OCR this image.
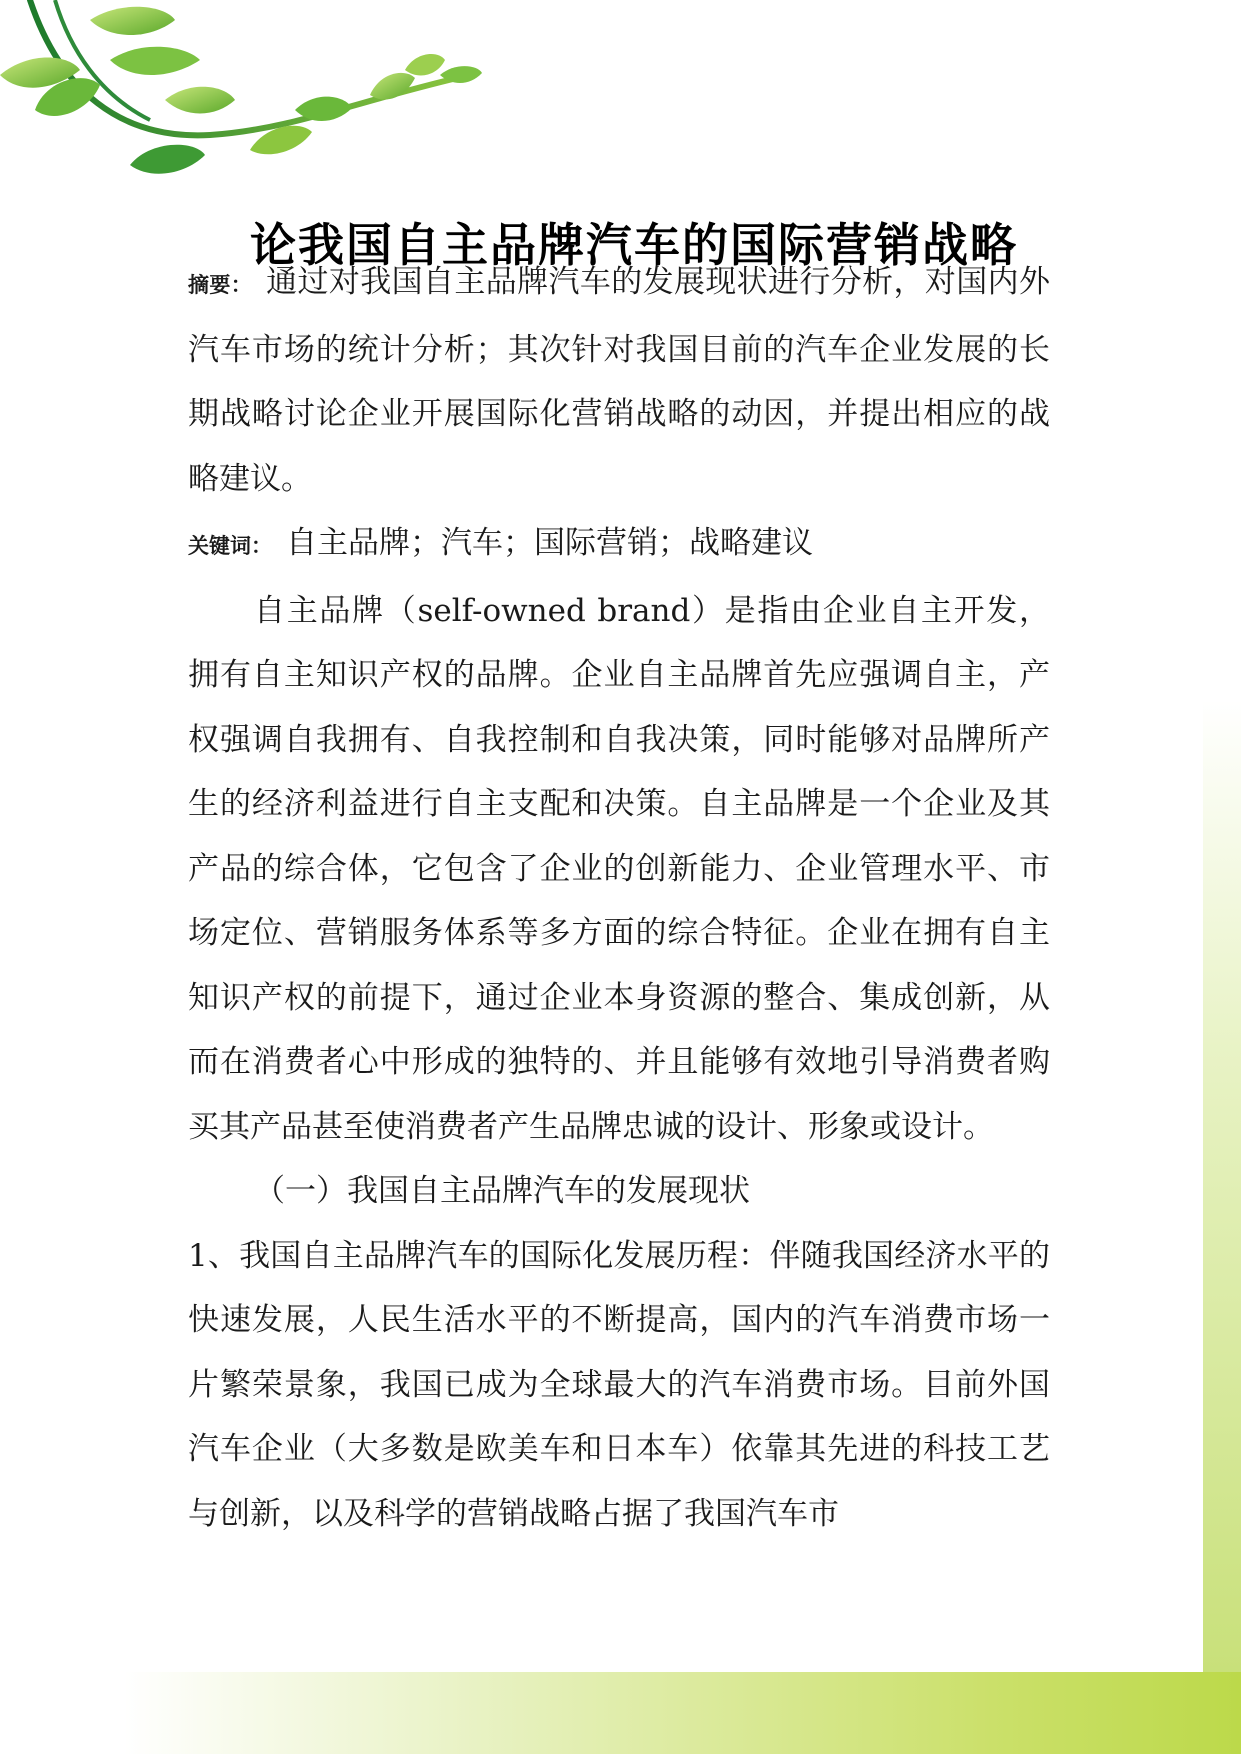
论我国自主品牌汽车的国际营销战略

摘要： 通过对我国自主品牌汽车的发展现状进行分析，对国内外汽车市场的统计分析；其次针对我国目前的汽车企业发展的长期战略讨论企业开展国际化营销战略的动因，并提出相应的战略建议。

关键词： 自主品牌；汽车；国际营销；战略建议

自主品牌（self-owned brand）是指由企业自主开发，拥有自主知识产权的品牌。企业自主品牌首先应强调自主，产权强调自我拥有、自我控制和自我决策，同时能够对品牌所产生的经济利益进行自主支配和决策。自主品牌是一个企业及其产品的综合体，它包含了企业的创新能力、企业管理水平、市场定位、营销服务体系等多方面的综合特征。企业在拥有自主知识产权的前提下，通过企业本身资源的整合、集成创新，从而在消费者心中形成的独特的、并且能够有效地引导消费者购买其产品甚至使消费者产生品牌忠诚的设计、形象或设计。

（一）我国自主品牌汽车的发展现状

1、我国自主品牌汽车的国际化发展历程：伴随我国经济水平的快速发展，人民生活水平的不断提高，国内的汽车消费市场一片繁荣景象，我国已成为全球最大的汽车消费市场。目前外国汽车企业（大多数是欧美车和日本车）依靠其先进的科技工艺与创新，以及科学的营销战略占据了我国汽车市
